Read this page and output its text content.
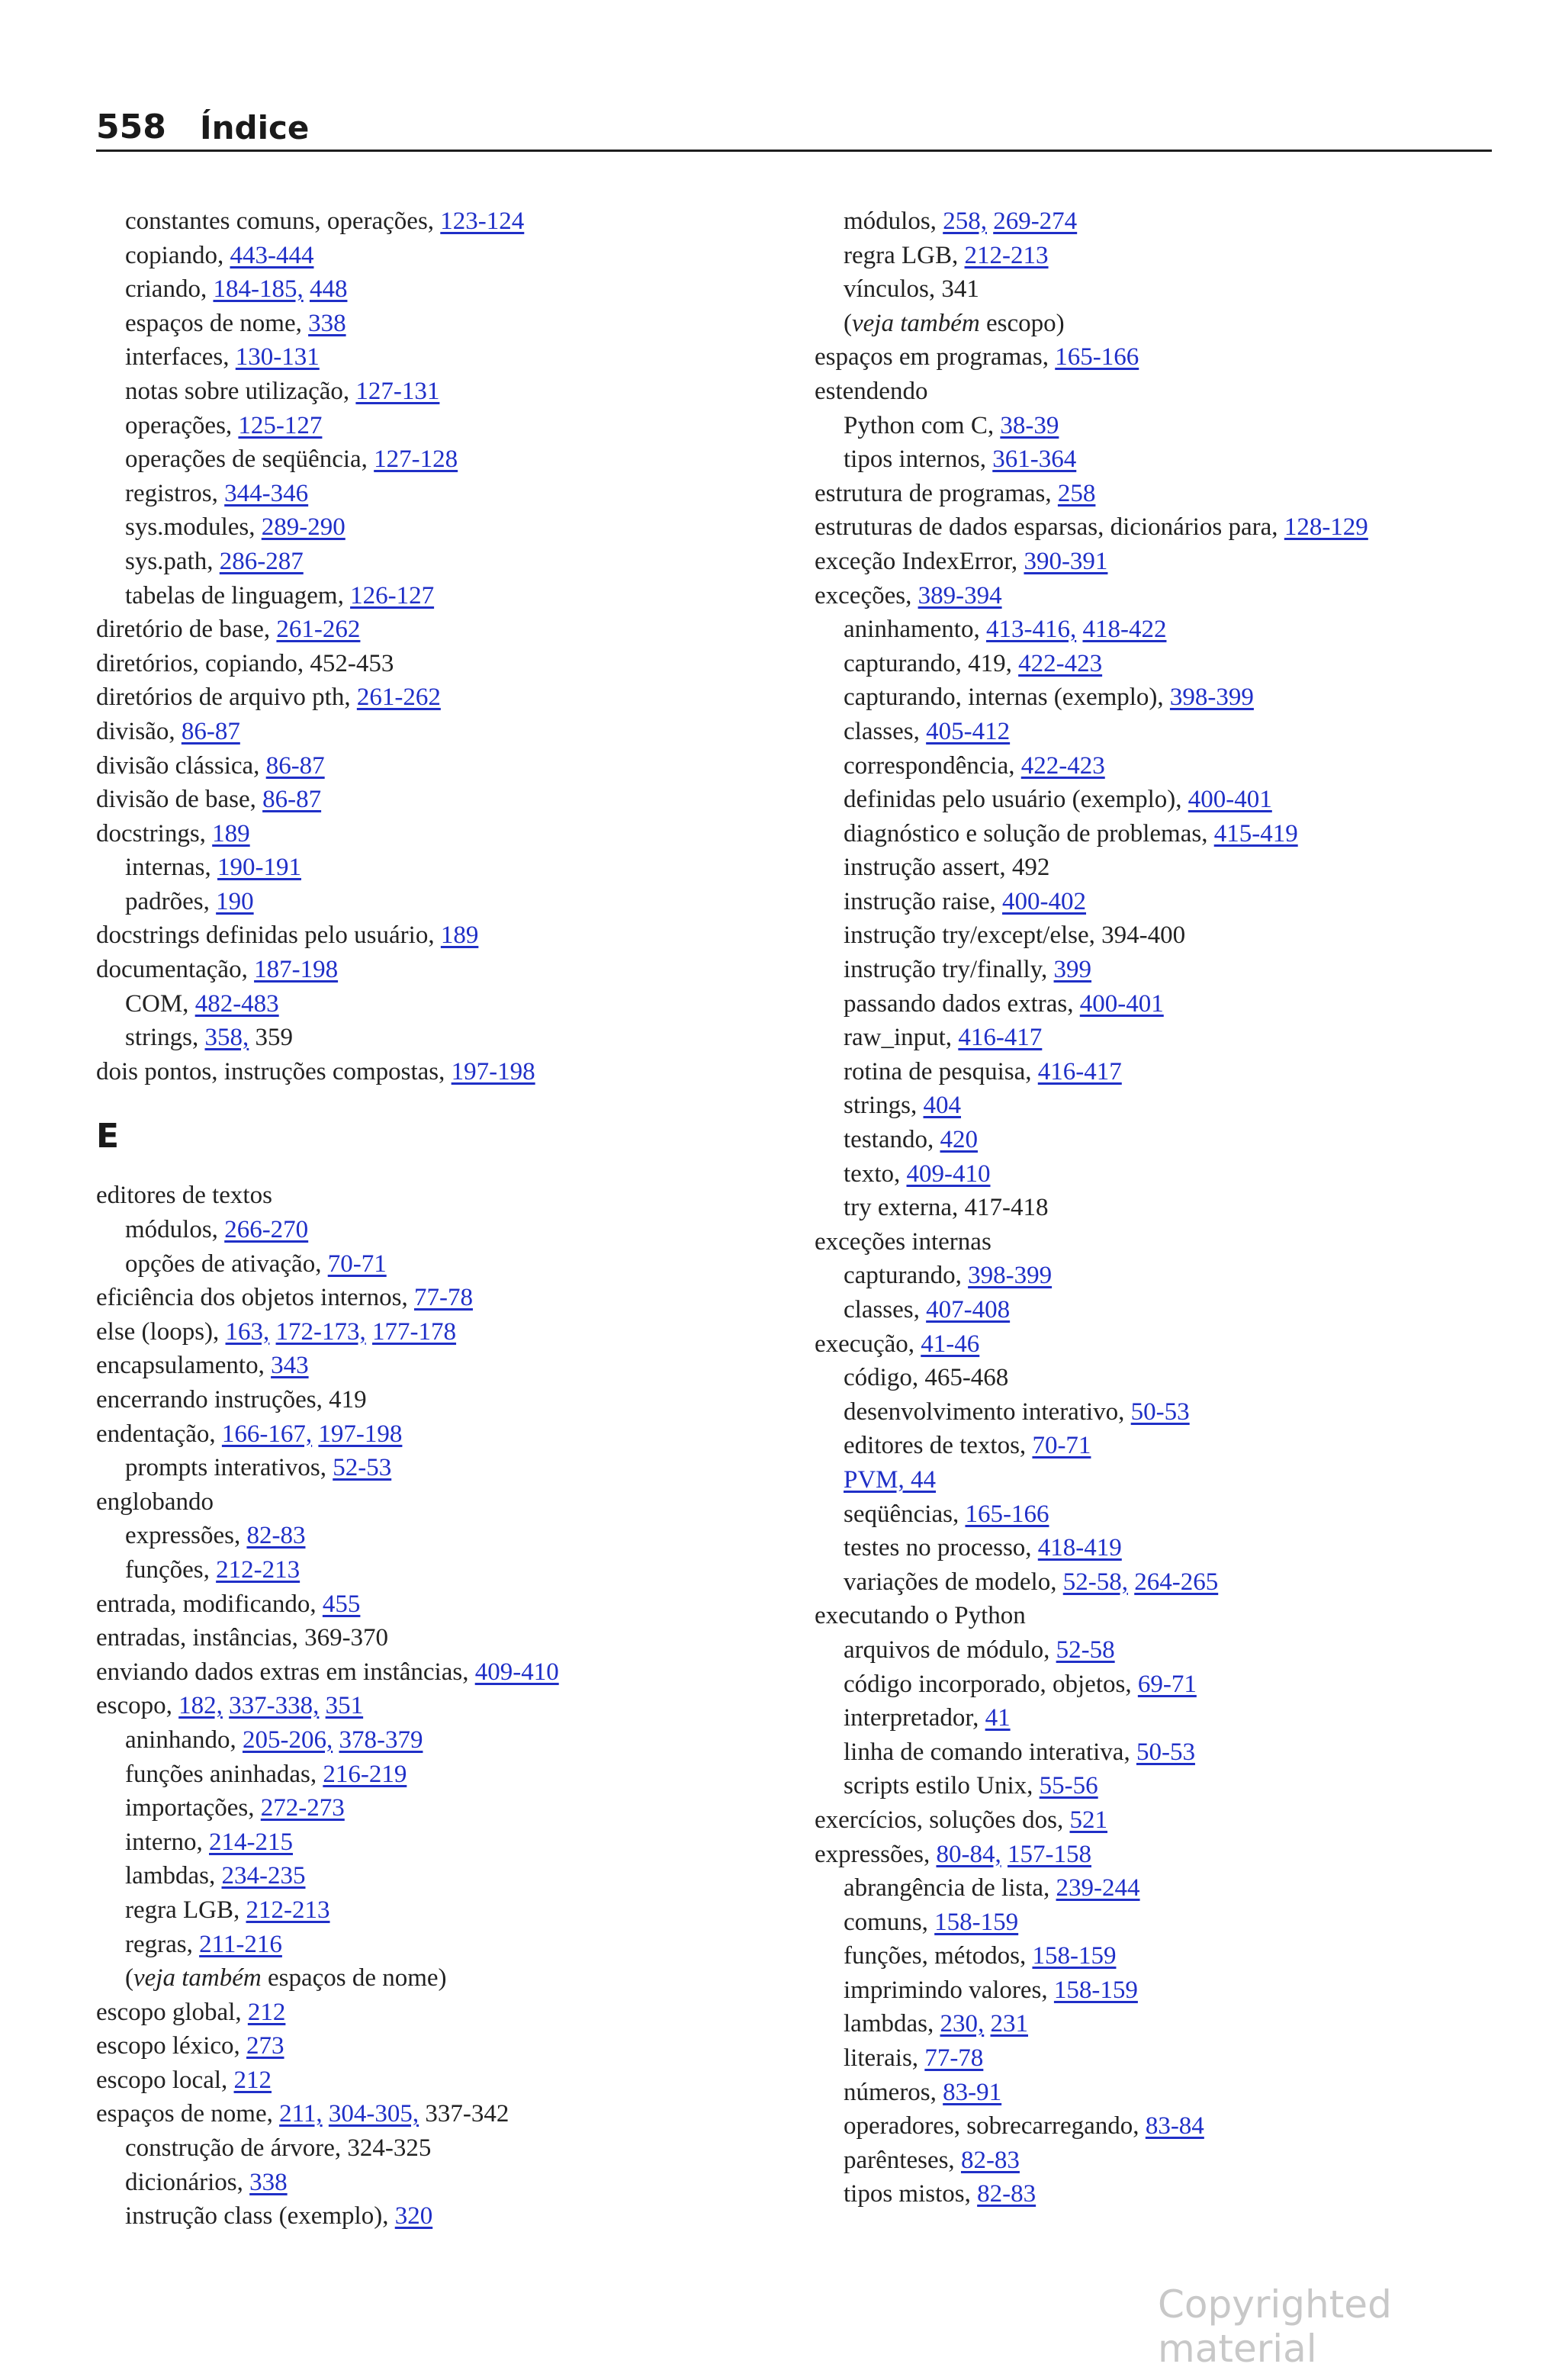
558 Índice
constantes comuns, operações, 123-124
copiando, 443-444
criando, 184-185, 448
espaços de nome, 338
interfaces, 130-131
notas sobre utilização, 127-131
operações, 125-127
operações de seqüência, 127-128
registros, 344-346
sys.modules, 289-290
sys.path, 286-287
tabelas de linguagem, 126-127
diretório de base, 261-262
diretórios, copiando, 452-453
diretórios de arquivo pth, 261-262
divisão, 86-87
divisão clássica, 86-87
divisão de base, 86-87
docstrings, 189
internas, 190-191
padrões, 190
docstrings definidas pelo usuário, 189
documentação, 187-198
COM, 482-483
strings, 358, 359
dois pontos, instruções compostas, 197-198
E
editores de textos
módulos, 266-270
opções de ativação, 70-71
eficiência dos objetos internos, 77-78
else (loops), 163, 172-173, 177-178
encapsulamento, 343
encerrando instruções, 419
endentação, 166-167, 197-198
prompts interativos, 52-53
englobando
expressões, 82-83
funções, 212-213
entrada, modificando, 455
entradas, instâncias, 369-370
enviando dados extras em instâncias, 409-410
escopo, 182, 337-338, 351
aninhando, 205-206, 378-379
funções aninhadas, 216-219
importações, 272-273
interno, 214-215
lambdas, 234-235
regra LGB, 212-213
regras, 211-216
(veja também espaços de nome)
escopo global, 212
escopo léxico, 273
escopo local, 212
espaços de nome, 211, 304-305, 337-342
construção de árvore, 324-325
dicionários, 338
instrução class (exemplo), 320
módulos, 258, 269-274
regra LGB, 212-213
vínculos, 341
(veja também escopo)
espaços em programas, 165-166
estendendo
Python com C, 38-39
tipos internos, 361-364
estrutura de programas, 258
estruturas de dados esparsas, dicionários para, 128-129
exceção IndexError, 390-391
exceções, 389-394
aninhamento, 413-416, 418-422
capturando, 419, 422-423
capturando, internas (exemplo), 398-399
classes, 405-412
correspondência, 422-423
definidas pelo usuário (exemplo), 400-401
diagnóstico e solução de problemas, 415-419
instrução assert, 492
instrução raise, 400-402
instrução try/except/else, 394-400
instrução try/finally, 399
passando dados extras, 400-401
raw_input, 416-417
rotina de pesquisa, 416-417
strings, 404
testando, 420
texto, 409-410
try externa, 417-418
exceções internas
capturando, 398-399
classes, 407-408
execução, 41-46
código, 465-468
desenvolvimento interativo, 50-53
editores de textos, 70-71
PVM, 44
seqüências, 165-166
testes no processo, 418-419
variações de modelo, 52-58, 264-265
executando o Python
arquivos de módulo, 52-58
código incorporado, objetos, 69-71
interpretador, 41
linha de comando interativa, 50-53
scripts estilo Unix, 55-56
exercícios, soluções dos, 521
expressões, 80-84, 157-158
abrangência de lista, 239-244
comuns, 158-159
funções, métodos, 158-159
imprimindo valores, 158-159
lambdas, 230, 231
literais, 77-78
números, 83-91
operadores, sobrecarregando, 83-84
parênteses, 82-83
tipos mistos, 82-83
Copyrighted material
